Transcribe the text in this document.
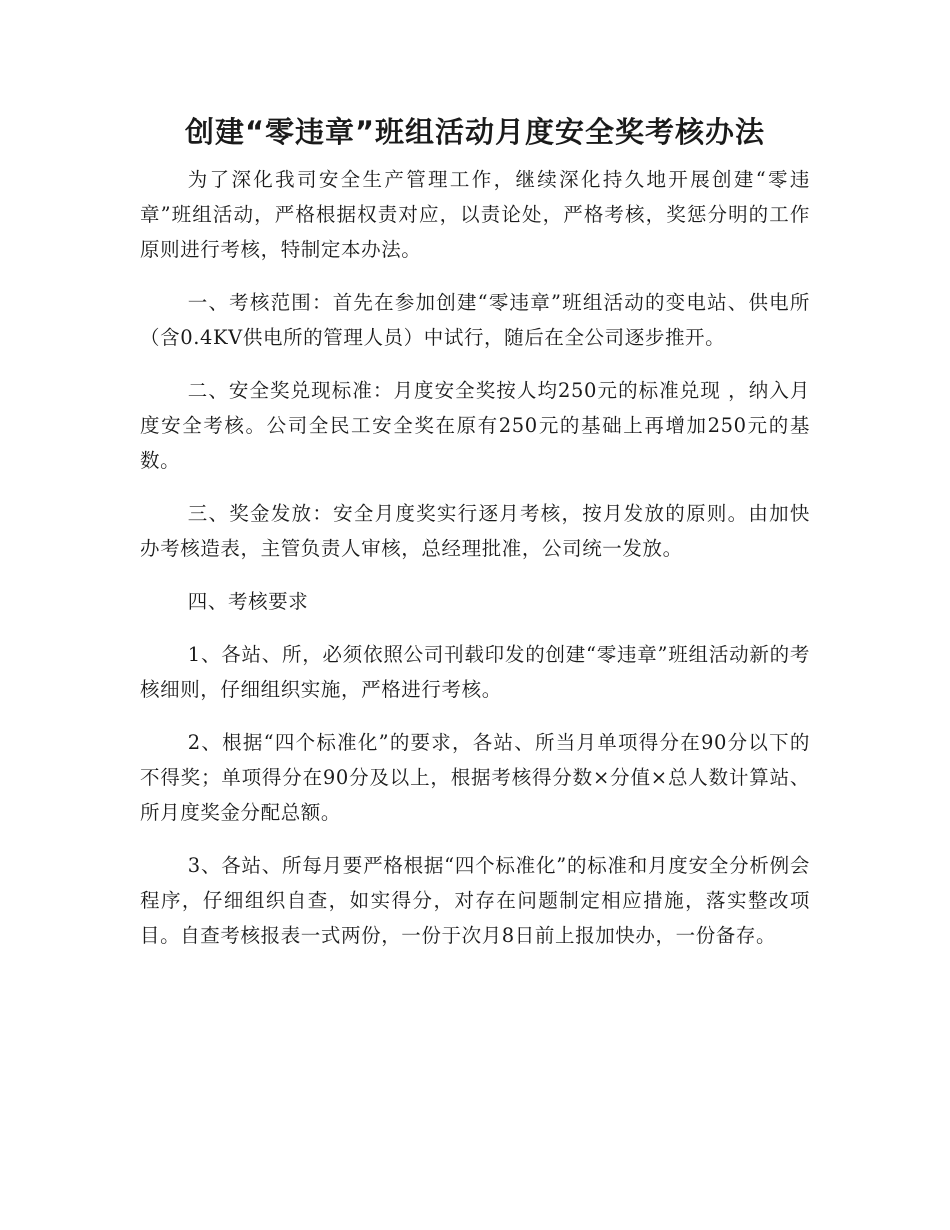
创建“零违章”班组活动月度安全奖考核办法

为了深化我司安全生产管理工作，继续深化持久地开展创建“零违章”班组活动，严格根据权责对应，以责论处，严格考核，奖惩分明的工作原则进行考核，特制定本办法。

一、考核范围：首先在参加创建“零违章”班组活动的变电站、供电所（含0.4KV供电所的管理人员）中试行，随后在全公司逐步推开。

二、安全奖兑现标准：月度安全奖按人均250元的标准兑现 ，纳入月度安全考核。公司全民工安全奖在原有250元的基础上再增加250元的基数。

三、奖金发放：安全月度奖实行逐月考核，按月发放的原则。由加快办考核造表，主管负责人审核，总经理批准，公司统一发放。

四、考核要求

1、各站、所，必须依照公司刊载印发的创建“零违章”班组活动新的考核细则，仔细组织实施，严格进行考核。

2、根据“四个标准化”的要求，各站、所当月单项得分在90分以下的不得奖；单项得分在90分及以上，根据考核得分数×分值×总人数计算站、所月度奖金分配总额。

3、各站、所每月要严格根据“四个标准化”的标准和月度安全分析例会程序，仔细组织自查，如实得分，对存在问题制定相应措施，落实整改项目。自查考核报表一式两份，一份于次月8日前上报加快办，一份备存。
